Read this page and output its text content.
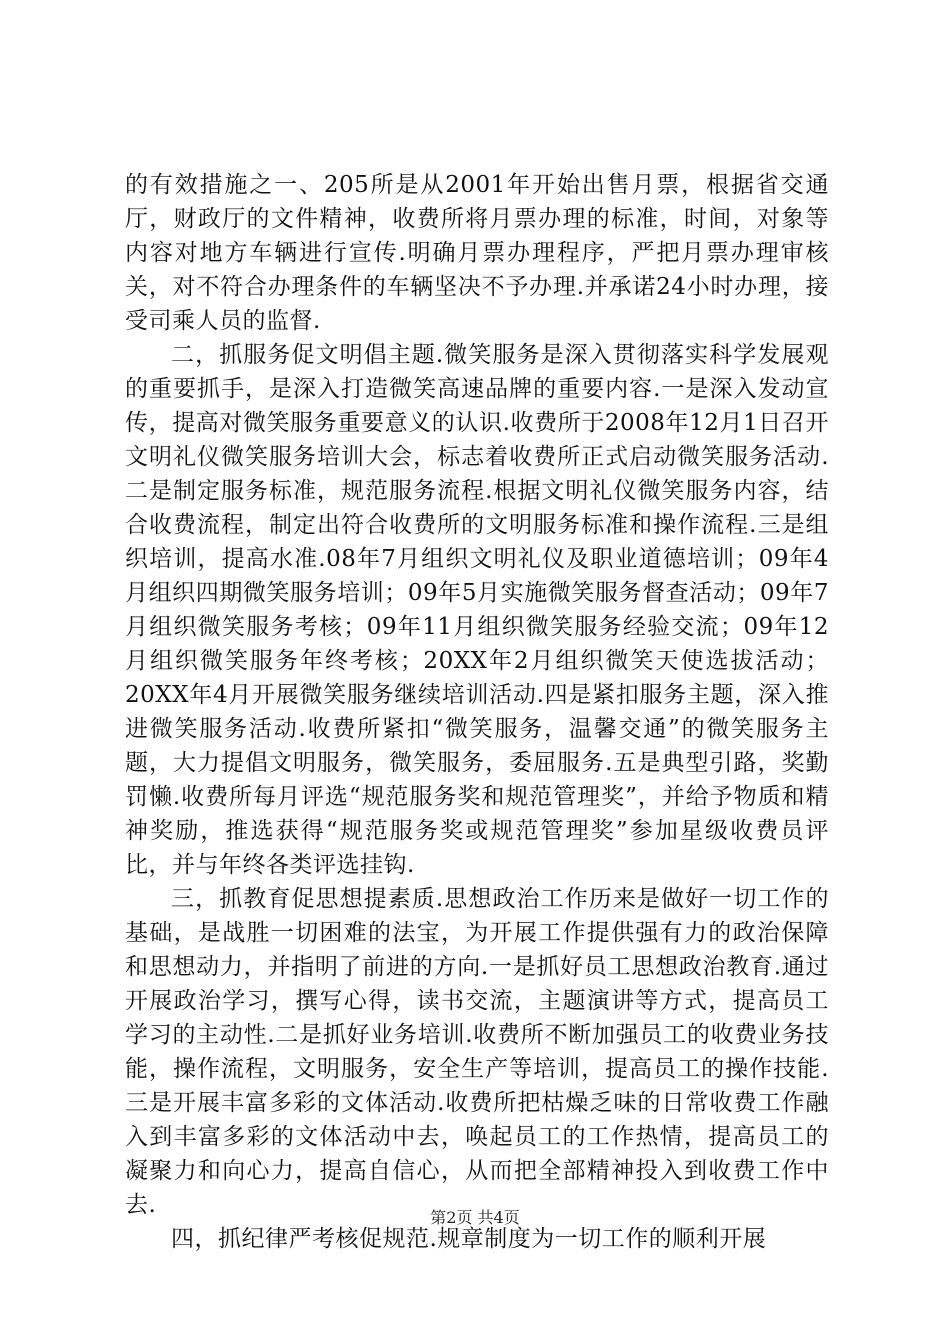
的有效措施之一、205所是从2001年开始出售月票，根据省交通厅，财政厅的文件精神，收费所将月票办理的标准，时间，对象等内容对地方车辆进行宣传.明确月票办理程序，严把月票办理审核关，对不符合办理条件的车辆坚决不予办理.并承诺24小时办理，接受司乘人员的监督.

二，抓服务促文明倡主题.微笑服务是深入贯彻落实科学发展观的重要抓手，是深入打造微笑高速品牌的重要内容.一是深入发动宣传，提高对微笑服务重要意义的认识.收费所于2008年12月1日召开文明礼仪微笑服务培训大会，标志着收费所正式启动微笑服务活动.二是制定服务标准，规范服务流程.根据文明礼仪微笑服务内容，结合收费流程，制定出符合收费所的文明服务标准和操作流程.三是组织培训，提高水准.08年7月组织文明礼仪及职业道德培训；09年4月组织四期微笑服务培训；09年5月实施微笑服务督查活动；09年7月组织微笑服务考核；09年11月组织微笑服务经验交流；09年12月组织微笑服务年终考核；20XX年2月组织微笑天使选拔活动；20XX年4月开展微笑服务继续培训活动.四是紧扣服务主题，深入推进微笑服务活动.收费所紧扣“微笑服务，温馨交通”的微笑服务主题，大力提倡文明服务，微笑服务，委屈服务.五是典型引路，奖勤罚懒.收费所每月评选“规范服务奖和规范管理奖”，并给予物质和精神奖励，推选获得“规范服务奖或规范管理奖”参加星级收费员评比，并与年终各类评选挂钩.

三，抓教育促思想提素质.思想政治工作历来是做好一切工作的基础，是战胜一切困难的法宝，为开展工作提供强有力的政治保障和思想动力，并指明了前进的方向.一是抓好员工思想政治教育.通过开展政治学习，撰写心得，读书交流，主题演讲等方式，提高员工学习的主动性.二是抓好业务培训.收费所不断加强员工的收费业务技能，操作流程，文明服务，安全生产等培训，提高员工的操作技能.三是开展丰富多彩的文体活动.收费所把枯燥乏味的日常收费工作融入到丰富多彩的文体活动中去，唤起员工的工作热情，提高员工的凝聚力和向心力，提高自信心，从而把全部精神投入到收费工作中去.

四，抓纪律严考核促规范.规章制度为一切工作的顺利开展

第2页 共4页
